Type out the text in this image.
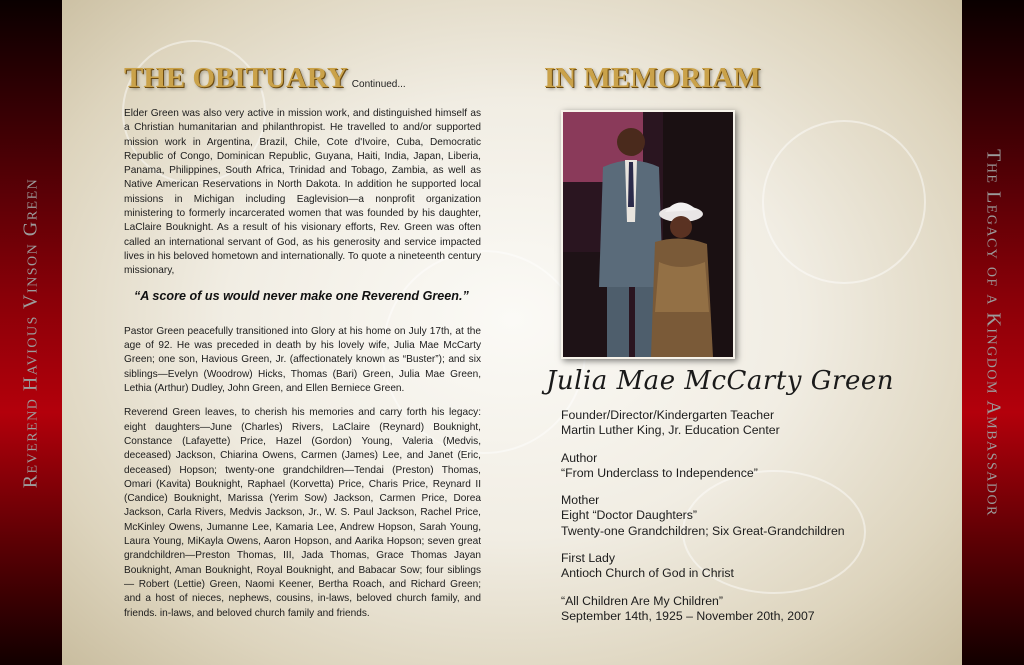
Reverend Havious Vinson Green	The Legacy of a Kingdom Ambassador
THE OBITUARY Continued...	IN MEMORIAM

Elder Green was also very active in mission work, and distinguished himself as a Christian humanitarian and philanthropist. He travelled to and/or supported mission work in Argentina, Brazil, Chile, Cote d'Ivoire, Cuba, Democratic Republic of Congo, Dominican Republic, Guyana, Haiti, India, Japan, Liberia, Panama, Philippines, South Africa, Trinidad and Tobago, Zambia, as well as Native American Reservations in North Dakota. In addition he supported local missions in Michigan including Eaglevision—a nonprofit organization ministering to formerly incarcerated women that was founded by his daughter, LaClaire Bouknight. As a result of his visionary efforts, Rev. Green was often called an international servant of God, as his generosity and service impacted lives in his beloved hometown and internationally. To quote a nineteenth century missionary,

“A score of us would never make one Reverend Green.”

Pastor Green peacefully transitioned into Glory at his home on July 17th, at the age of 92. He was preceded in death by his lovely wife, Julia Mae McCarty Green; one son, Havious Green, Jr. (affectionately known as “Buster”); and six siblings—Evelyn (Woodrow) Hicks, Thomas (Bari) Green, Julia Mae Green, Lethia (Arthur) Dudley, John Green, and Ellen Berniece Green.

Reverend Green leaves, to cherish his memories and carry forth his legacy: eight daughters—June (Charles) Rivers, LaClaire (Reynard) Bouknight, Constance (Lafayette) Price, Hazel (Gordon) Young, Valeria (Medvis, deceased) Jackson, Chiarina Owens, Carmen (James) Lee, and Janet (Eric, deceased) Hopson; twenty-one grandchildren—Tendai (Preston) Thomas, Omari (Kavita) Bouknight, Raphael (Korvetta) Price, Charis Price, Reynard II (Candice) Bouknight, Marissa (Yerim Sow) Jackson, Carmen Price, Dorea Jackson, Carla Rivers, Medvis Jackson, Jr., W. S. Paul Jackson, Rachel Price, McKinley Owens, Jumanne Lee, Kamaria Lee, Andrew Hopson, Sarah Young, Laura Young, MiKayla Owens, Aaron Hopson, and Aarika Hopson; seven great grandchildren—Preston Thomas, III, Jada Thomas, Grace Thomas Jayan Bouknight, Aman Bouknight, Royal Bouknight, and Babacar Sow; four siblings— Robert (Lettie) Green, Naomi Keener, Bertha Roach, and Richard Green; and a host of nieces, nephews, cousins, in-laws, beloved church family, and friends. in-laws, and beloved church family and friends.

Julia Mae McCarty Green
Founder/Director/Kindergarten Teacher
Martin Luther King, Jr. Education Center
Author
“From Underclass to Independence”
Mother
Eight “Doctor Daughters”
Twenty-one Grandchildren; Six Great-Grandchildren
First Lady
Antioch Church of God in Christ
“All Children Are My Children”
September 14th, 1925 – November 20th, 2007
